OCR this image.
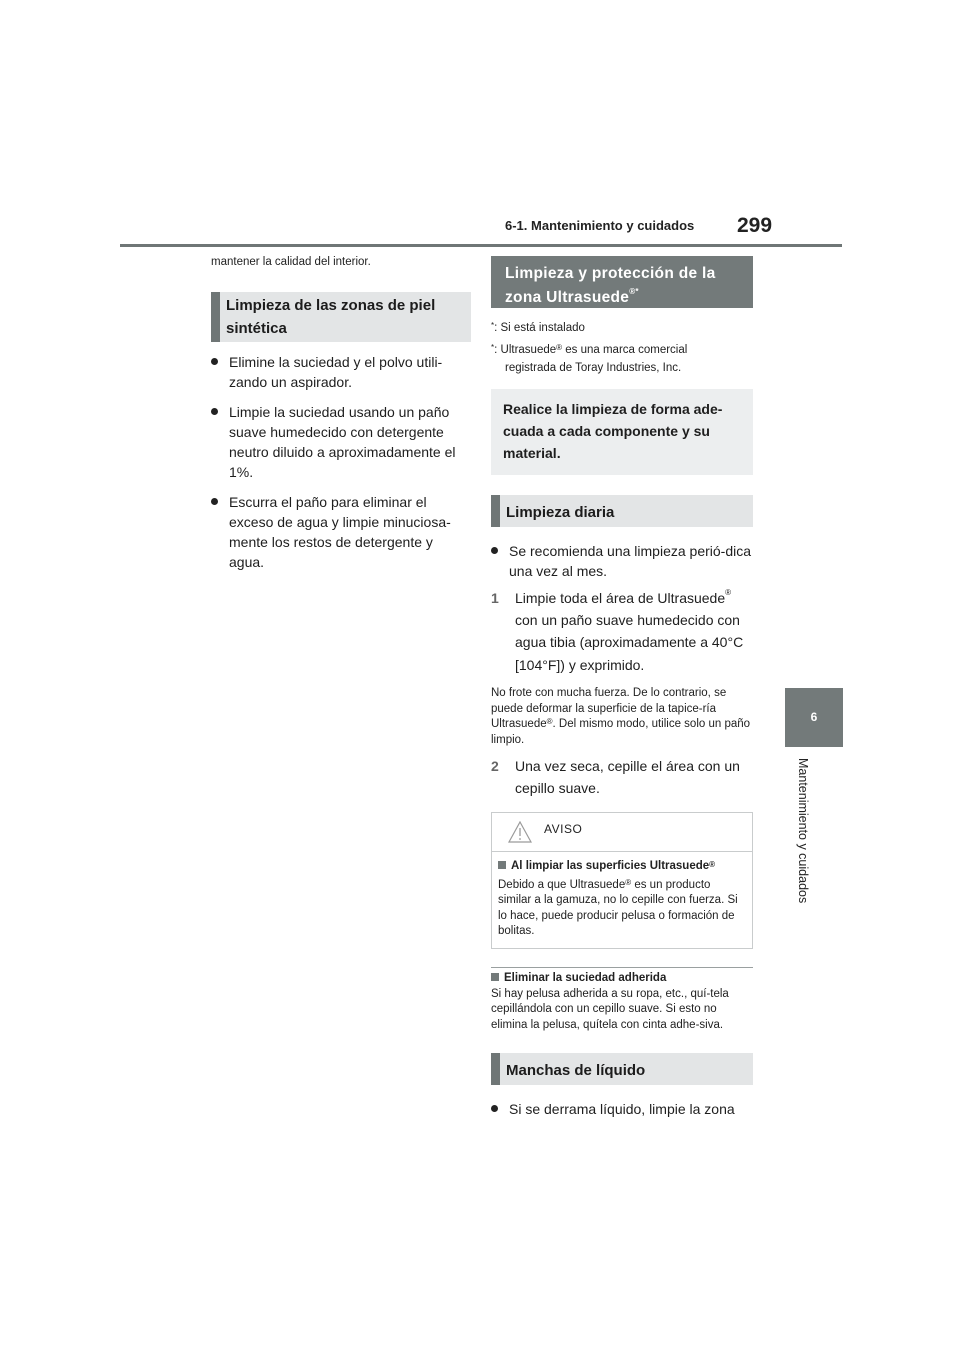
6-1. Mantenimiento y cuidados 299
6
Mantenimiento y cuidados
mantener la calidad del interior.
Limpieza de las zonas de piel sintética
Elimine la suciedad y el polvo utili-zando un aspirador.
Limpie la suciedad usando un paño suave humedecido con detergente neutro diluido a aproximadamente el 1%.
Escurra el paño para eliminar el exceso de agua y limpie minuciosa-mente los restos de detergente y agua.
Limpieza y protección de la zona Ultrasuede®*
*: Si está instalado
*: Ultrasuede® es una marca comercial
registrada de Toray Industries, Inc.
Realice la limpieza de forma ade-cuada a cada componente y su material.
Limpieza diaria
Se recomienda una limpieza perió-dica una vez al mes.
1 Limpie toda el área de Ultrasuede® con un paño suave humedecido con agua tibia (aproximadamente a 40°C [104°F]) y exprimido.
No frote con mucha fuerza. De lo contrario, se puede deformar la superficie de la tapice-ría Ultrasuede®. Del mismo modo, utilice solo un paño limpio.
2 Una vez seca, cepille el área con un cepillo suave.
AVISO
Al limpiar las superficies Ultrasuede®
Debido a que Ultrasuede® es un producto similar a la gamuza, no lo cepille con fuerza. Si lo hace, puede producir pelusa o formación de bolitas.
Eliminar la suciedad adherida
Si hay pelusa adherida a su ropa, etc., quí-tela cepillándola con un cepillo suave. Si esto no elimina la pelusa, quítela con cinta adhe-siva.
Manchas de líquido
Si se derrama líquido, limpie la zona
